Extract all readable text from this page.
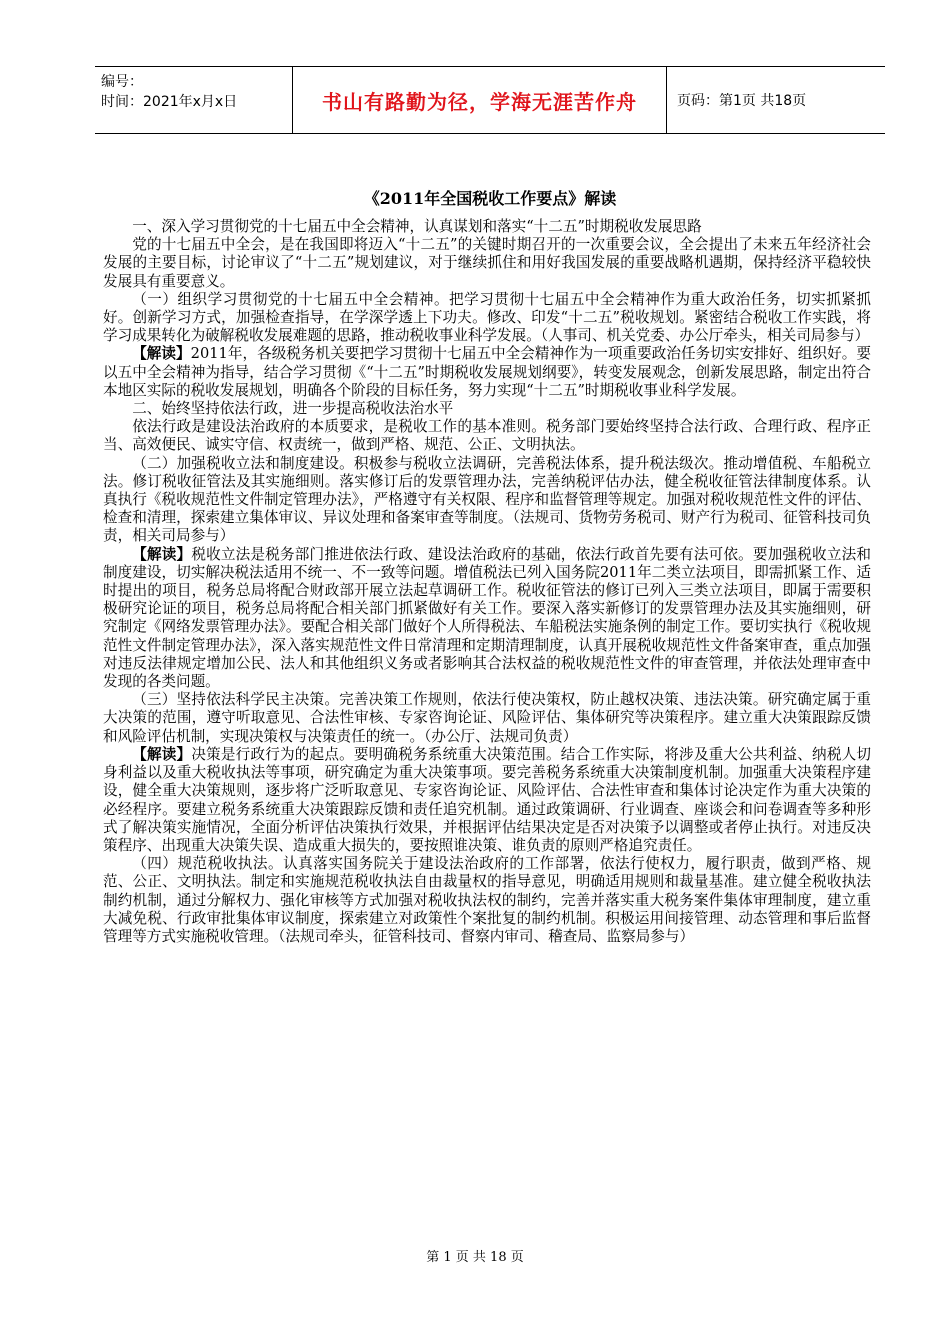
编号：
时间：2021年x月x日	书山有路勤为径，学海无涯苦作舟	页码：第1页 共18页
《2011年全国税收工作要点》解读

一、深入学习贯彻党的十七届五中全会精神，认真谋划和落实“十二五”时期税收发展思路

党的十七届五中全会，是在我国即将迈入“十二五”的关键时期召开的一次重要会议，全会提出了未来五年经济社会发展的主要目标，讨论审议了“十二五”规划建议，对于继续抓住和用好我国发展的重要战略机遇期，保持经济平稳较快发展具有重要意义。

（一）组织学习贯彻党的十七届五中全会精神。把学习贯彻十七届五中全会精神作为重大政治任务，切实抓紧抓好。创新学习方式，加强检查指导，在学深学透上下功夫。修改、印发“十二五”税收规划。紧密结合税收工作实践，将学习成果转化为破解税收发展难题的思路，推动税收事业科学发展。（人事司、机关党委、办公厅牵头，相关司局参与）

【解读】2011年，各级税务机关要把学习贯彻十七届五中全会精神作为一项重要政治任务切实安排好、组织好。要以五中全会精神为指导，结合学习贯彻《“十二五”时期税收发展规划纲要》，转变发展观念，创新发展思路，制定出符合本地区实际的税收发展规划，明确各个阶段的目标任务，努力实现“十二五”时期税收事业科学发展。

二、始终坚持依法行政，进一步提高税收法治水平

依法行政是建设法治政府的本质要求，是税收工作的基本准则。税务部门要始终坚持合法行政、合理行政、程序正当、高效便民、诚实守信、权责统一，做到严格、规范、公正、文明执法。

（二）加强税收立法和制度建设。积极参与税收立法调研，完善税法体系，提升税法级次。推动增值税、车船税立法。修订税收征管法及其实施细则。落实修订后的发票管理办法，完善纳税评估办法，健全税收征管法律制度体系。认真执行《税收规范性文件制定管理办法》，严格遵守有关权限、程序和监督管理等规定。加强对税收规范性文件的评估、检查和清理，探索建立集体审议、异议处理和备案审查等制度。（法规司、货物劳务税司、财产行为税司、征管科技司负责，相关司局参与）

【解读】税收立法是税务部门推进依法行政、建设法治政府的基础，依法行政首先要有法可依。要加强税收立法和制度建设，切实解决税法适用不统一、不一致等问题。增值税法已列入国务院2011年二类立法项目，即需抓紧工作、适时提出的项目，税务总局将配合财政部开展立法起草调研工作。税收征管法的修订已列入三类立法项目，即属于需要积极研究论证的项目，税务总局将配合相关部门抓紧做好有关工作。要深入落实新修订的发票管理办法及其实施细则，研究制定《网络发票管理办法》。要配合相关部门做好个人所得税法、车船税法实施条例的制定工作。要切实执行《税收规范性文件制定管理办法》，深入落实规范性文件日常清理和定期清理制度，认真开展税收规范性文件备案审查，重点加强对违反法律规定增加公民、法人和其他组织义务或者影响其合法权益的税收规范性文件的审查管理，并依法处理审查中发现的各类问题。

（三）坚持依法科学民主决策。完善决策工作规则，依法行使决策权，防止越权决策、违法决策。研究确定属于重大决策的范围，遵守听取意见、合法性审核、专家咨询论证、风险评估、集体研究等决策程序。建立重大决策跟踪反馈和风险评估机制，实现决策权与决策责任的统一。（办公厅、法规司负责）

【解读】决策是行政行为的起点。要明确税务系统重大决策范围。结合工作实际，将涉及重大公共利益、纳税人切身利益以及重大税收执法等事项，研究确定为重大决策事项。要完善税务系统重大决策制度机制。加强重大决策程序建设，健全重大决策规则，逐步将广泛听取意见、专家咨询论证、风险评估、合法性审查和集体讨论决定作为重大决策的必经程序。要建立税务系统重大决策跟踪反馈和责任追究机制。通过政策调研、行业调查、座谈会和问卷调查等多种形式了解决策实施情况，全面分析评估决策执行效果，并根据评估结果决定是否对决策予以调整或者停止执行。对违反决策程序、出现重大决策失误、造成重大损失的，要按照谁决策、谁负责的原则严格追究责任。

（四）规范税收执法。认真落实国务院关于建设法治政府的工作部署，依法行使权力，履行职责，做到严格、规范、公正、文明执法。制定和实施规范税收执法自由裁量权的指导意见，明确适用规则和裁量基准。建立健全税收执法制约机制，通过分解权力、强化审核等方式加强对税收执法权的制约，完善并落实重大税务案件集体审理制度，建立重大减免税、行政审批集体审议制度，探索建立对政策性个案批复的制约机制。积极运用间接管理、动态管理和事后监督管理等方式实施税收管理。（法规司牵头，征管科技司、督察内审司、稽查局、监察局参与）

第 1 页 共 18 页
